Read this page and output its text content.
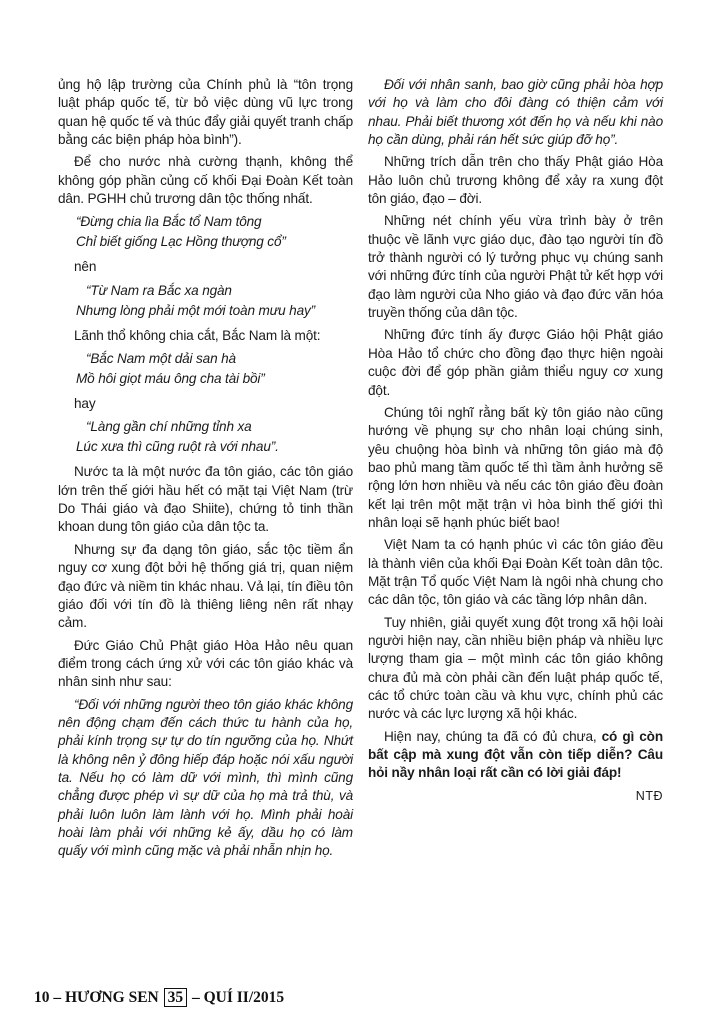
ủng hộ lập trường của Chính phủ là “tôn trọng luật pháp quốc tế, từ bỏ việc dùng vũ lực trong quan hệ quốc tế và thúc đẩy giải quyết tranh chấp bằng các biện pháp hòa bình”).

Để cho nước nhà cường thạnh, không thể không góp phần củng cố khối Đại Đoàn Kết toàn dân. PGHH chủ trương dân tộc thống nhất.

“Đừng chia lìa Bắc tổ Nam tông
Chỉ biết giống Lạc Hồng thượng cổ”
nên
“Từ Nam ra Bắc xa ngàn
Nhưng lòng phải một mới toàn mưu hay”

Lãnh thổ không chia cắt, Bắc Nam là một:

“Bắc Nam một dải san hà
Mồ hôi giọt máu ông cha tài bồi”
hay
“Làng gần chí những tỉnh xa
Lúc xưa thì cũng ruột rà với nhau”.

Nước ta là một nước đa tôn giáo, các tôn giáo lớn trên thế giới hầu hết có mặt tại Việt Nam (trừ Do Thái giáo và đạo Shiite), chứng tỏ tinh thần khoan dung tôn giáo của dân tộc ta.

Nhưng sự đa dạng tôn giáo, sắc tộc tiềm ẩn nguy cơ xung đột bởi hệ thống giá trị, quan niệm đạo đức và niềm tin khác nhau. Vả lại, tín điều tôn giáo đối với tín đồ là thiêng liêng nên rất nhạy cảm.

Đức Giáo Chủ Phật giáo Hòa Hảo nêu quan điểm trong cách ứng xử với các tôn giáo khác và nhân sinh như sau:

“Đối với những người theo tôn giáo khác không nên động chạm đến cách thức tu hành của họ, phải kính trọng sự tự do tín ngưỡng của họ. Nhứt là không nên ỷ đông hiếp đáp hoặc nói xấu người ta. Nếu họ có làm dữ với mình, thì mình cũng chẳng được phép vì sự dữ của họ mà trả thù, và phải luôn luôn làm lành với họ. Mình phải hoài hoài làm phải với những kẻ ấy, dầu họ có làm quấy với mình cũng mặc và phải nhẫn nhịn họ.

Đối với nhân sanh, bao giờ cũng phải hòa hợp với họ và làm cho đôi đàng có thiện cảm với nhau. Phải biết thương xót đến họ và nếu khi nào họ cần dùng, phải rán hết sức giúp đỡ họ”.

Những trích dẫn trên cho thấy Phật giáo Hòa Hảo luôn chủ trương không để xảy ra xung đột tôn giáo, đạo – đời.

Những nét chính yếu vừa trình bày ở trên thuộc về lãnh vực giáo dục, đào tạo người tín đồ trở thành người có lý tưởng phục vụ chúng sanh với những đức tính của người Phật tử kết hợp với đạo làm người của Nho giáo và đạo đức văn hóa truyền thống của dân tộc.

Những đức tính ấy được Giáo hội Phật giáo Hòa Hảo tổ chức cho đồng đạo thực hiện ngoài cuộc đời để góp phần giảm thiểu nguy cơ xung đột.

Chúng tôi nghĩ rằng bất kỳ tôn giáo nào cũng hướng về phụng sự cho nhân loại chúng sinh, yêu chuộng hòa bình và những tôn giáo mà độ bao phủ mang tầm quốc tế thì tầm ảnh hưởng sẽ rộng lớn hơn nhiều và nếu các tôn giáo đều đoàn kết lại trên một mặt trận vì hòa bình thế giới thì nhân loại sẽ hạnh phúc biết bao!

Việt Nam ta có hạnh phúc vì các tôn giáo đều là thành viên của khối Đại Đoàn Kết toàn dân tộc. Mặt trận Tổ quốc Việt Nam là ngôi nhà chung cho các dân tộc, tôn giáo và các tầng lớp nhân dân.

Tuy nhiên, giải quyết xung đột trong xã hội loài người hiện nay, cần nhiều biện pháp và nhiều lực lượng tham gia – một mình các tôn giáo không chưa đủ mà còn phải cần đến luật pháp quốc tế, các tổ chức toàn cầu và khu vực, chính phủ các nước và các lực lượng xã hội khác.

Hiện nay, chúng ta đã có đủ chưa, có gì còn bất cập mà xung đột vẫn còn tiếp diễn? Câu hỏi nầy nhân loại rất cần có lời giải đáp!

NTĐ
10 – HƯƠNG SEN 35 – QUÍ II/2015
